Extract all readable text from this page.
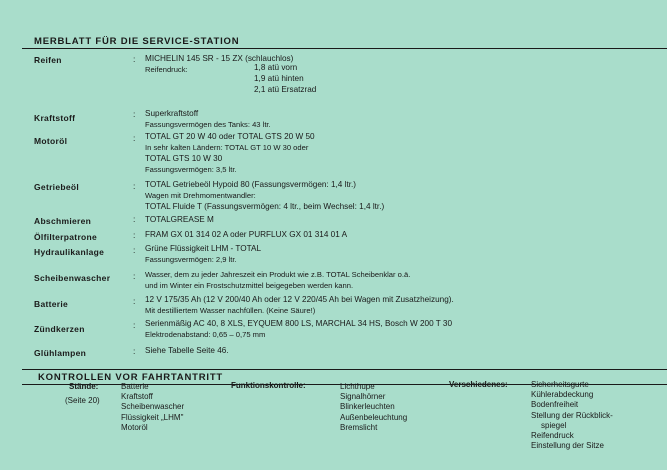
MERBLATT FÜR DIE SERVICE-STATION
Reifen	: MICHELIN 145 SR - 15 ZX (schlauchlos)
Reifendruck:	1,8 atü vorn
1,9 atü hinten
2,1 atü Ersatzrad
Kraftstoff	: Superkraftstoff
Fassungsvermögen des Tanks: 43 ltr.
Motoröl	: TOTAL GT 20 W 40 oder TOTAL GTS 20 W 50
In sehr kalten Ländern: TOTAL GT 10 W 30 oder
TOTAL GTS 10 W 30
Fassungsvermögen: 3,5 ltr.
Getriebeöl	: TOTAL Getriebeöl Hypoid 80 (Fassungsvermögen: 1,4 ltr.)
Wagen mit Drehmomentwandler:
TOTAL Fluide T (Fassungsvermögen: 4 ltr., beim Wechsel: 1,4 ltr.)
Abschmieren	: TOTALGREASE M
Ölfilterpatrone	: FRAM GX 01 314 02 A oder PURFLUX GX 01 314 01 A
Hydraulikanlage	: Grüne Flüssigkeit LHM - TOTAL
Fassungsvermögen: 2,9 ltr.
Scheibenwascher	: Wasser, dem zu jeder Jahreszeit ein Produkt wie z.B. TOTAL Scheibenklar o.ä.
und im Winter ein Frostschutzmittel beigegeben werden kann.
Batterie	: 12 V 175/35 Ah (12 V 200/40 Ah oder 12 V 220/45 Ah bei Wagen mit Zusatzheizung).
Mit destilliertem Wasser nachfüllen. (Keine Säure!)
Zündkerzen	: Serienmäßig AC 40, 8 XLS, EYQUEM 800 LS, MARCHAL 34 HS, Bosch W 200 T 30
Elektrodenabstand: 0,65 – 0,75 mm
Glühlampen	: Siehe Tabelle Seite 46.
KONTROLLEN VOR FAHRTANTRITT
Stände:
(Seite 20)
Batterie
Kraftstoff
Scheibenwascher
Flüssigkeit „LHM"
Motoröl
Funktionskontrolle:	Lichthupe
Signalhörner
Blinkerleuchten
Außenbeleuchtung
Bremslicht
Verschiedenes:	Sicherheitsgurte
Kühlerabdeckung
Bodenfreiheit
Stellung der Rückblick-
spiegel
Reifendruck
Einstellung der Sitze
